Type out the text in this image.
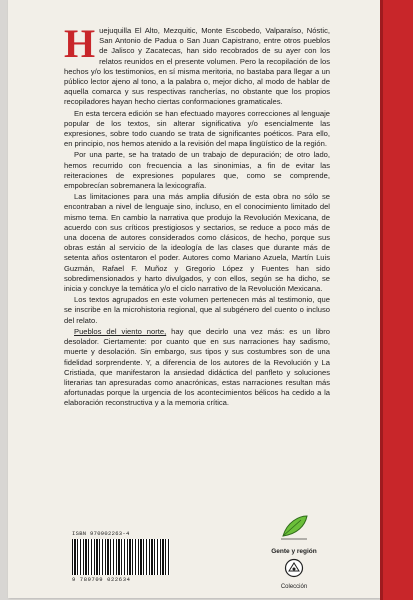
Huejuquilla El Alto, Mezquitic, Monte Escobedo, Valparaíso, Nóstic, San Antonio de Padua o San Juan Capistrano, entre otros pueblos de Jalisco y Zacatecas, han sido recobrados de su ayer con los relatos reunidos en el presente volumen. Pero la recopilación de los hechos y/o los testimonios, en sí misma meritoria, no bastaba para llegar a un público lector ajeno al tono, a la palabra o, mejor dicho, al modo de hablar de aquella comarca y sus respectivas rancherías, no obstante que los propios recopiladores hayan hecho ciertas conformaciones gramaticales.

En esta tercera edición se han efectuado mayores correcciones al lenguaje popular de los textos, sin alterar significativa y/o esencialmente las expresiones, sobre todo cuando se trata de significantes poéticos. Para ello, en principio, nos hemos atenido a la revisión del mapa lingüístico de la región.

Por una parte, se ha tratado de un trabajo de depuración; de otro lado, hemos recurrido con frecuencia a las sinonimias, a fin de evitar las reiteraciones de expresiones populares que, como se comprende, empobrecían sobremanera la lexicografía.

Las limitaciones para una más amplia difusión de esta obra no sólo se encontraban a nivel de lenguaje sino, incluso, en el conocimiento limitado del mismo tema. En cambio la narrativa que produjo la Revolución Mexicana, de acuerdo con sus críticos prestigiosos y sectarios, se reduce a poco más de una docena de autores considerados como clásicos, de hecho, porque sus obras están al servicio de la ideología de las clases que durante más de setenta años ostentaron el poder. Autores como Mariano Azuela, Martín Luis Guzmán, Rafael F. Muñoz y Gregorio López y Fuentes han sido sobredimensionados y harto divulgados, y con ellos, según se ha dicho, se inicia y concluye la temática y/o el ciclo narrativo de la Revolución Mexicana.

Los textos agrupados en este volumen pertenecen más al testimonio, que se inscribe en la microhistoria regional, que al subgénero del cuento o incluso del relato.

Pueblos del viento norte, hay que decirlo una vez más: es un libro desolador. Ciertamente: por cuanto que en sus narraciones hay sadismo, muerte y desolación. Sin embargo, sus tipos y sus costumbres son de una fidelidad sorprendente. Y, a diferencia de los autores de la Revolución y La Cristiada, que manifestaron la ansiedad didáctica del panfleto y soluciones literarias tan apresuradas como anacrónicas, estas narraciones resultan más afortunadas porque la urgencia de los acontecimientos bélicos ha cedido a la elaboración reconstructiva y a la memoria crítica.

ISBN 970902263-4
9 789709 022634
Gente y región
Colección
